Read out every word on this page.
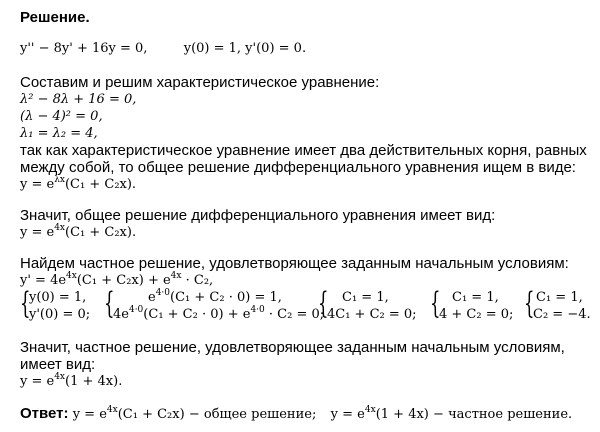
Решение.
y'' − 8y' + 16y = 0,	y(0) = 1, y'(0) = 0.
Составим и решим характеристическое уравнение:
λ² − 8λ + 16 = 0,
(λ − 4)² = 0,
λ₁ = λ₂ = 4,
так как характеристическое уравнение имеет два действительных корня, равных
между собой, то общее решение дифференциального уравнения ищем в виде:
$y = e^{\lambda x}(C_1 + C_2x)$.
Значит, общее решение дифференциального уравнения имеет вид:
$y = e^{4x}(C_1 + C_2x)$.
Найдем частное решение, удовлетворяющее заданным начальным условиям:
$y' = 4e^{4x}(C_1 + C_2x) + e^{4x} \cdot C_2$,
{
y(0) = 1,
y'(0) = 0; {	$e^{4\cdot 0}(C_1 + C_2 \cdot 0) = 1$,
$4e^{4\cdot 0}(C_1 + C_2 \cdot 0) + e^{4\cdot 0} \cdot C_2 = 0$;
{ C₁ = 1,
4C₁ + C₂ = 0; { C₁ = 1,
4 + C₂ = 0; { C₁ = 1,
C₂ = −4.
Значит, частное решение, удовлетворяющее заданным начальным условиям,
имеет вид:
$y = e^{4x}(1 + 4x)$.
Ответ: $y = e^{4x}(C_1 + C_2x)$ − общее решение; $y = e^{4x}(1 + 4x)$ − частное решение.
